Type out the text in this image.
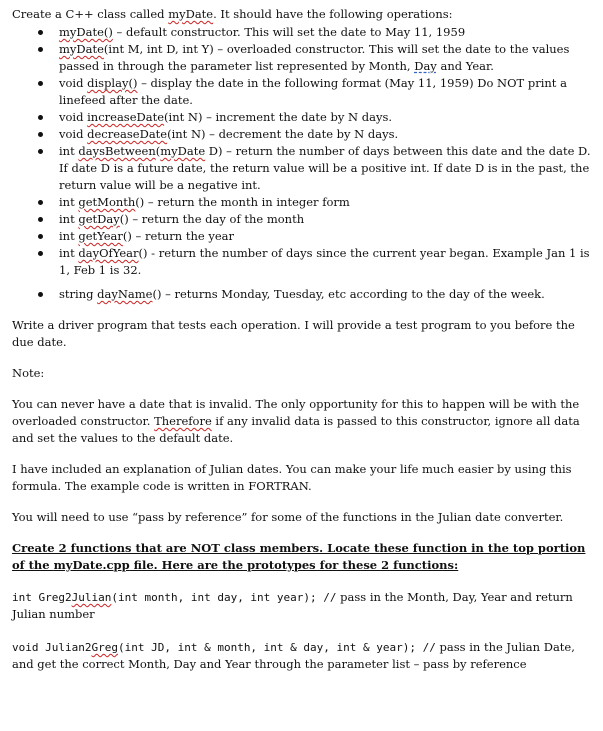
Create a C++ class called myDate. It should have the following operations:

myDate() – default constructor. This will set the date to May 11, 1959
myDate(int M, int D, int Y) – overloaded constructor. This will set the date to the values passed in through the parameter list represented by Month, Day and Year.
void display() – display the date in the following format (May 11, 1959) Do NOT print a linefeed after the date.
void increaseDate(int N) – increment the date by N days.
void decreaseDate(int N) – decrement the date by N days.
int daysBetween(myDate D) – return the number of days between this date and the date D. If date D is a future date, the return value will be a positive int. If date D is in the past, the return value will be a negative int.
int getMonth() – return the month in integer form
int getDay() – return the day of the month
int getYear() – return the year
int dayOfYear() - return the number of days since the current year began. Example Jan 1 is 1, Feb 1 is 32.
string dayName() – returns Monday, Tuesday, etc according to the day of the week.

Write a driver program that tests each operation. I will provide a test program to you before the due date.

Note:

You can never have a date that is invalid. The only opportunity for this to happen will be with the overloaded constructor. Therefore if any invalid data is passed to this constructor, ignore all data and set the values to the default date.

I have included an explanation of Julian dates. You can make your life much easier by using this formula. The example code is written in FORTRAN.

You will need to use “pass by reference” for some of the functions in the Julian date converter.

Create 2 functions that are NOT class members. Locate these function in the top portion of the myDate.cpp file. Here are the prototypes for these 2 functions:

int Greg2Julian(int month, int day, int year); // pass in the Month, Day, Year and return Julian number

void Julian2Greg(int JD, int & month, int & day, int & year); // pass in the Julian Date, and get the correct Month, Day and Year through the parameter list – pass by reference
